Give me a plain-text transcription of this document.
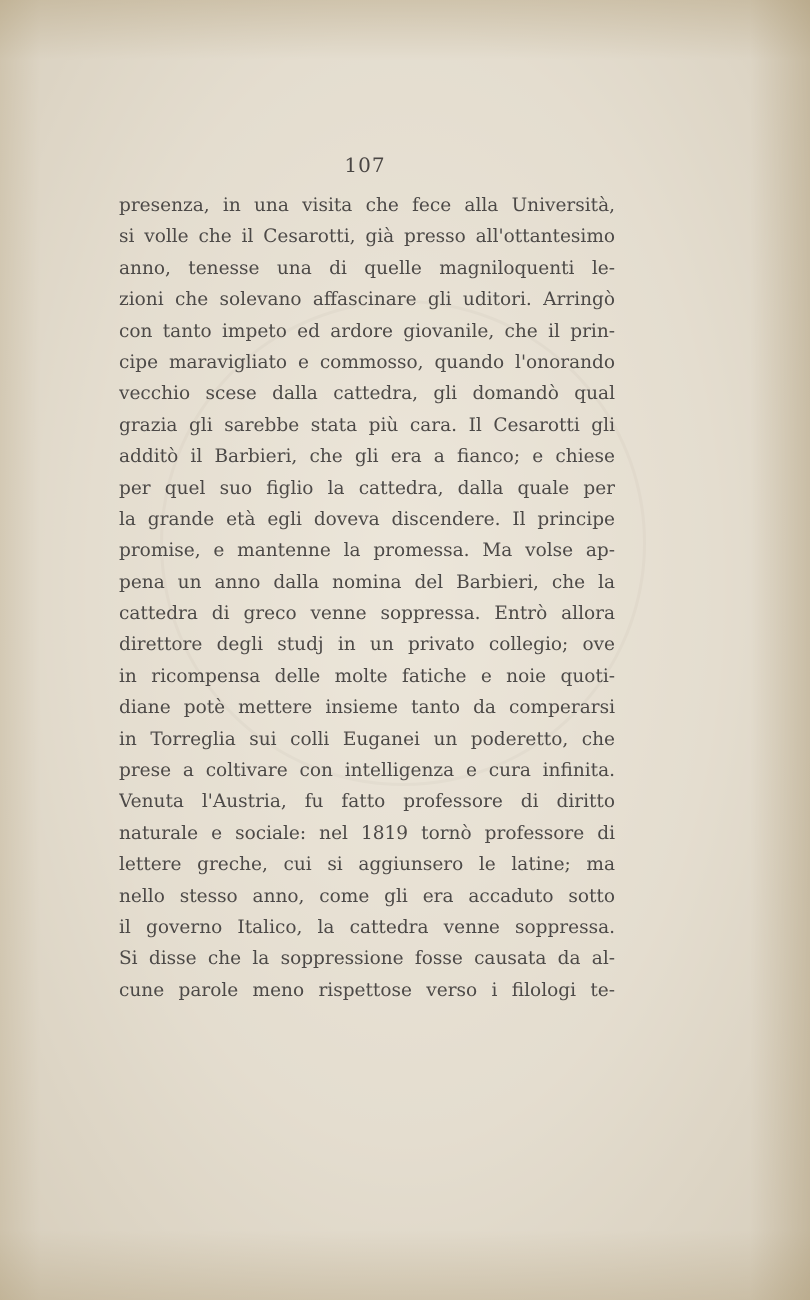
107
presenza, in una visita che fece alla Università,
si volle che il Cesarotti, già presso all'ottantesimo
anno, tenesse una di quelle magniloquenti le-
zioni che solevano affascinare gli uditori. Arringò
con tanto impeto ed ardore giovanile, che il prin-
cipe maravigliato e commosso, quando l'onorando
vecchio scese dalla cattedra, gli domandò qual
grazia gli sarebbe stata più cara. Il Cesarotti gli
additò il Barbieri, che gli era a fianco; e chiese
per quel suo figlio la cattedra, dalla quale per
la grande età egli doveva discendere. Il principe
promise, e mantenne la promessa. Ma volse ap-
pena un anno dalla nomina del Barbieri, che la
cattedra di greco venne soppressa. Entrò allora
direttore degli studj in un privato collegio; ove
in ricompensa delle molte fatiche e noie quoti-
diane potè mettere insieme tanto da comperarsi
in Torreglia sui colli Euganei un poderetto, che
prese a coltivare con intelligenza e cura infinita.
Venuta l'Austria, fu fatto professore di diritto
naturale e sociale: nel 1819 tornò professore di
lettere greche, cui si aggiunsero le latine; ma
nello stesso anno, come gli era accaduto sotto
il governo Italico, la cattedra venne soppressa.
Si disse che la soppressione fosse causata da al-
cune parole meno rispettose verso i filologi te-
